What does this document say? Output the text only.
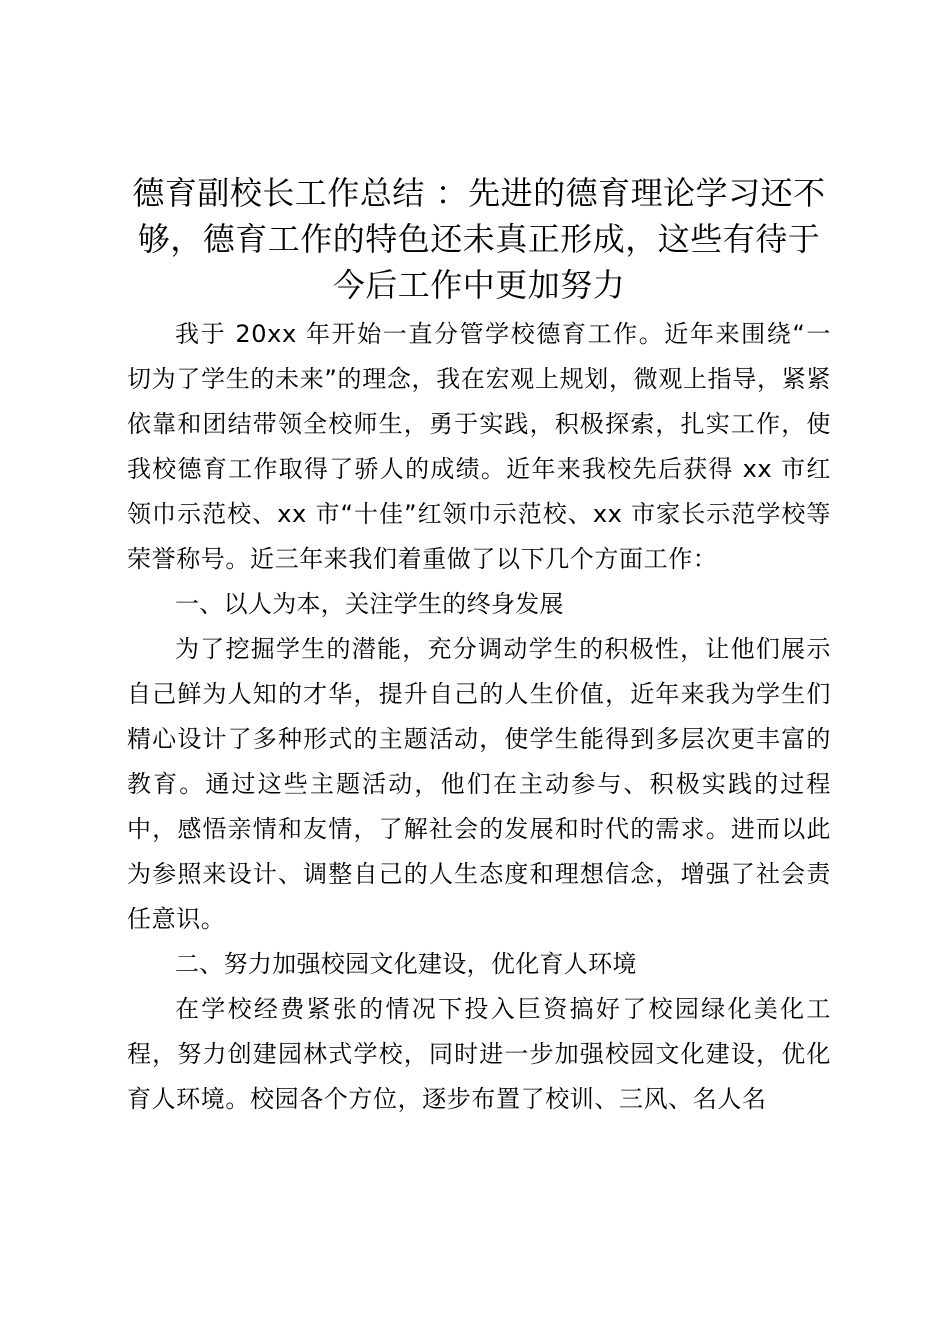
德育副校长工作总结 ：先进的德育理论学习还不够，德育工作的特色还未真正形成，这些有待于今后工作中更加努力

我于 20xx 年开始一直分管学校德育工作。近年来围绕“一切为了学生的未来”的理念，我在宏观上规划，微观上指导，紧紧依靠和团结带领全校师生，勇于实践，积极探索，扎实工作，使我校德育工作取得了骄人的成绩。近年来我校先后获得 xx 市红领巾示范校、xx 市“十佳”红领巾示范校、xx 市家长示范学校等荣誉称号。近三年来我们着重做了以下几个方面工作：

一、以人为本，关注学生的终身发展

为了挖掘学生的潜能，充分调动学生的积极性，让他们展示自己鲜为人知的才华，提升自己的人生价值，近年来我为学生们精心设计了多种形式的主题活动，使学生能得到多层次更丰富的教育。通过这些主题活动，他们在主动参与、积极实践的过程中，感悟亲情和友情，了解社会的发展和时代的需求。进而以此为参照来设计、调整自己的人生态度和理想信念，增强了社会责任意识。

二、努力加强校园文化建设，优化育人环境

在学校经费紧张的情况下投入巨资搞好了校园绿化美化工程，努力创建园林式学校，同时进一步加强校园文化建设，优化育人环境。校园各个方位，逐步布置了校训、三风、名人名
